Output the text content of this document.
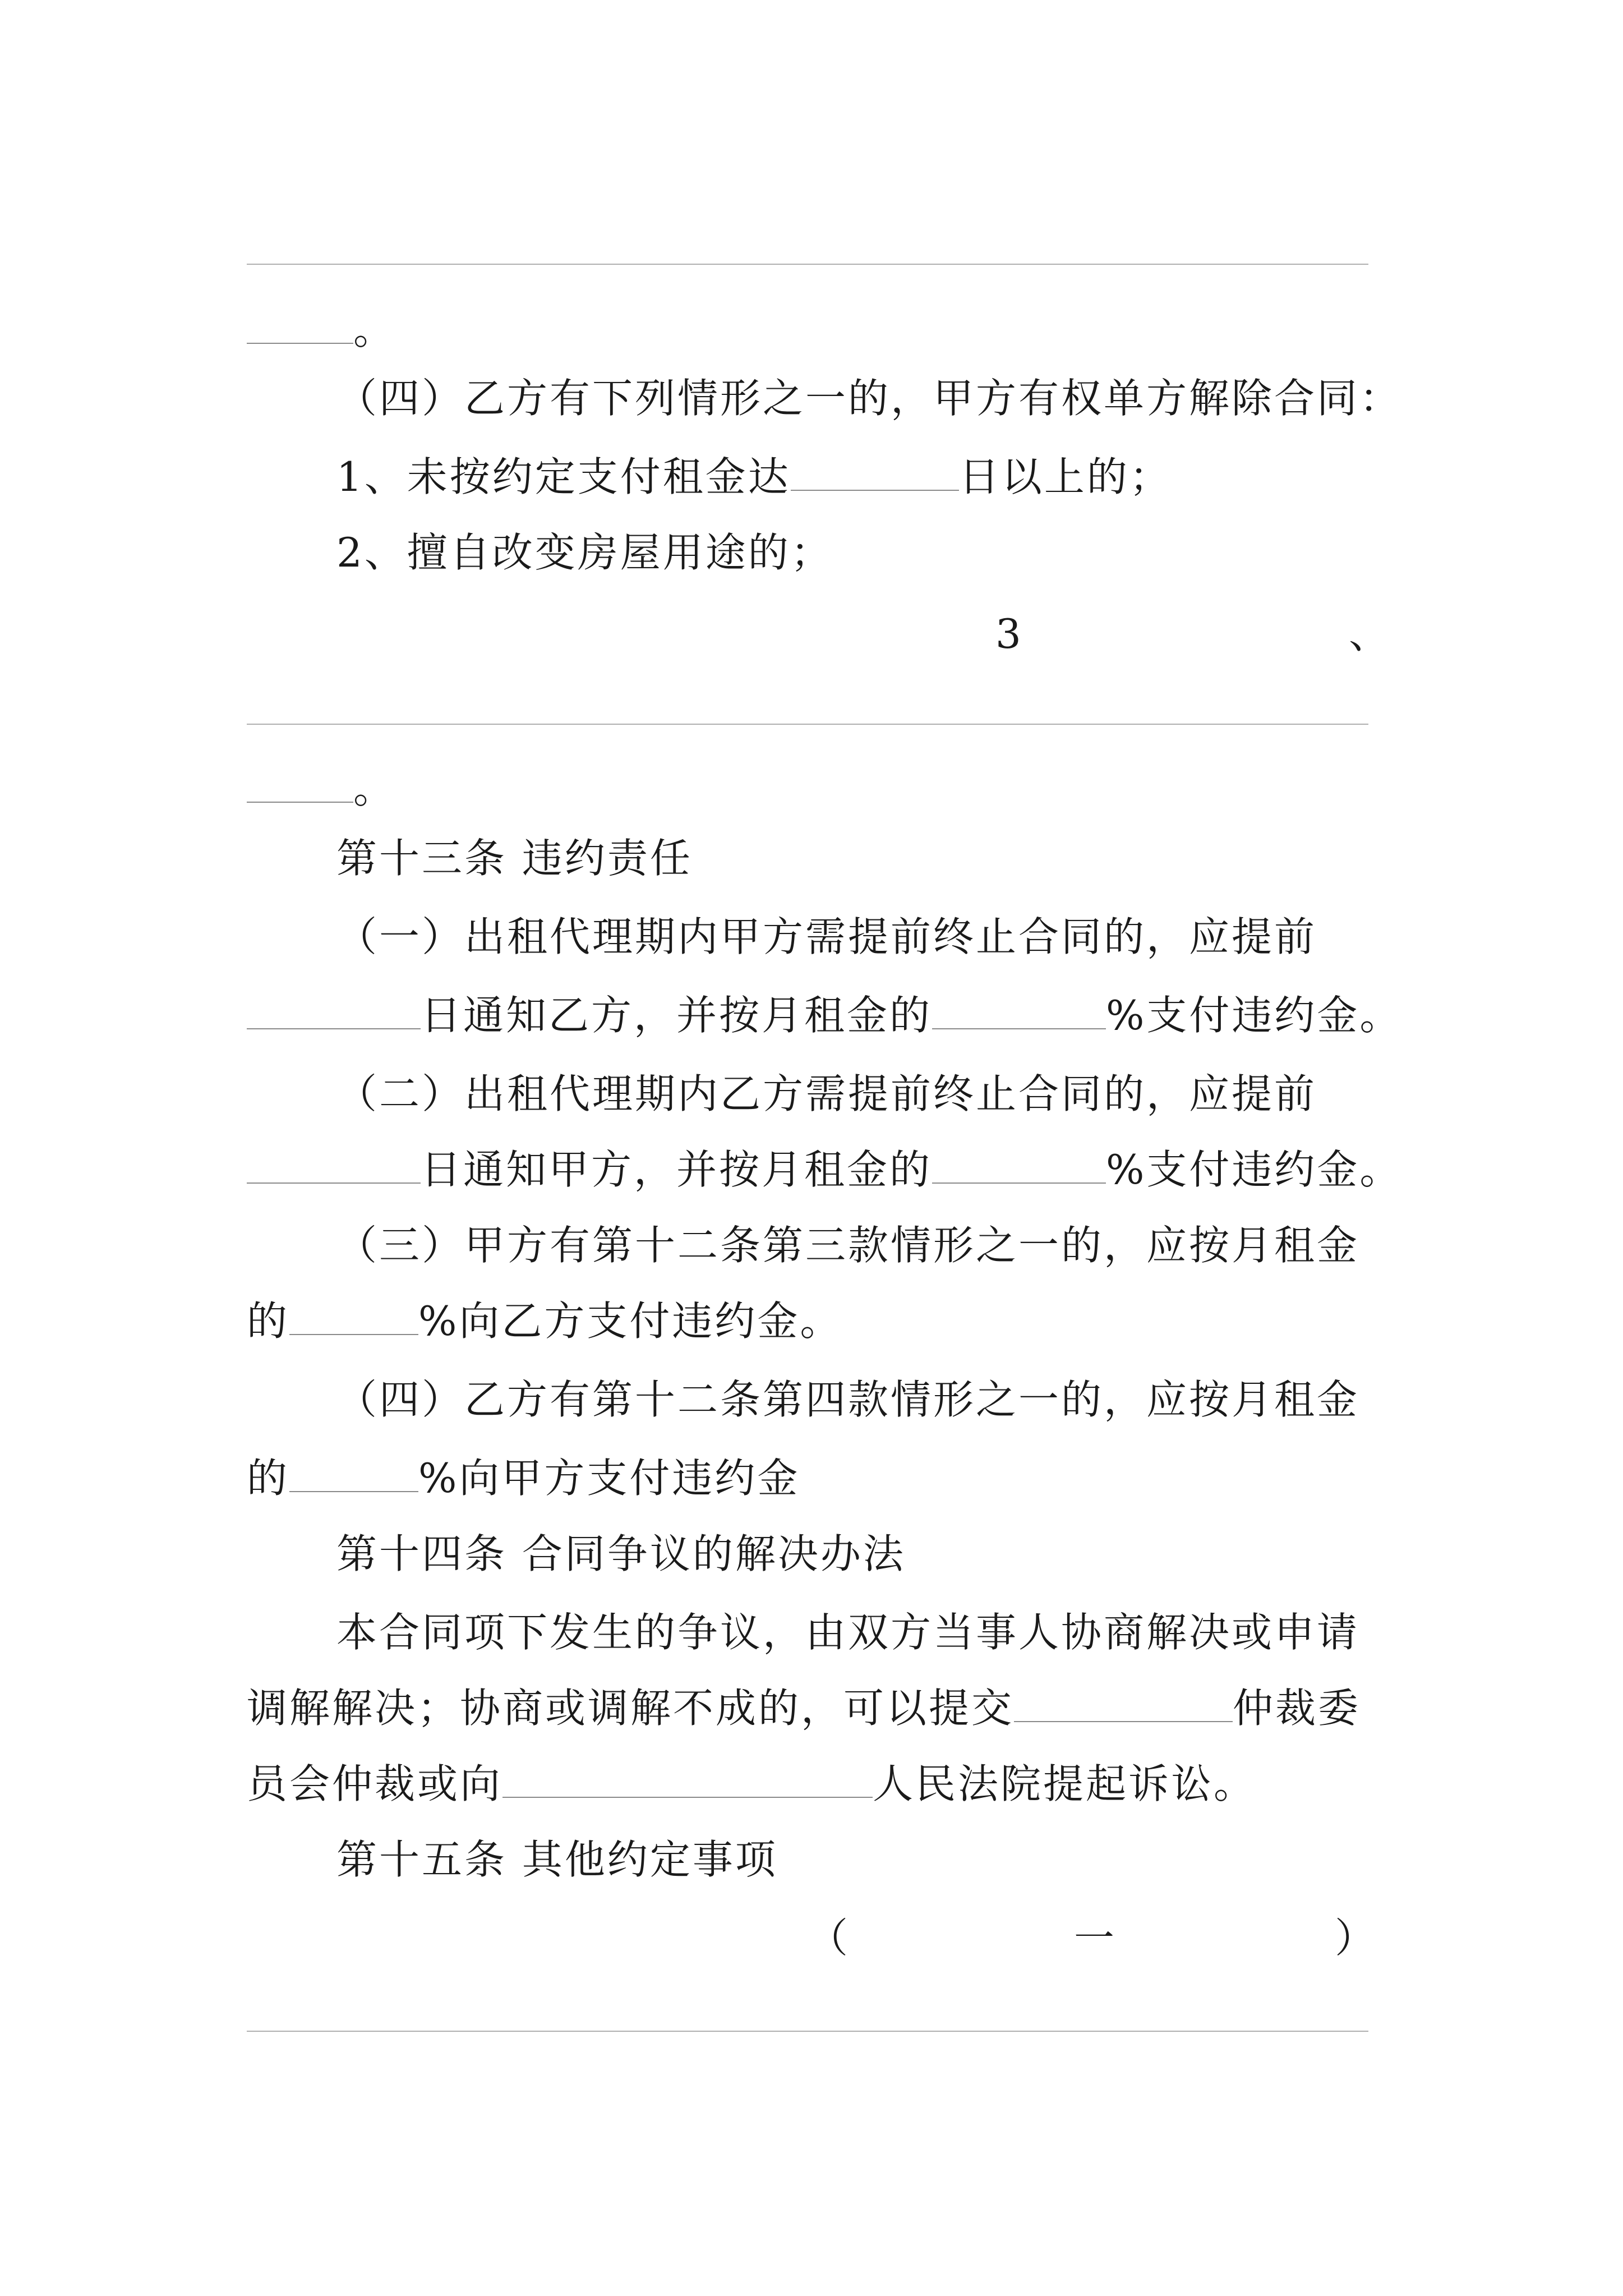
。
（四）乙方有下列情形之一的，甲方有权单方解除合同：
1、未按约定支付租金达	日以上的；
2、擅自改变房屋用途的；
3	、
。
第十三条 违约责任
（一）出租代理期内甲方需提前终止合同的，应提前
日通知乙方，并按月租金的	%支付违约金。
（二）出租代理期内乙方需提前终止合同的，应提前
日通知甲方，并按月租金的	%支付违约金。
（三）甲方有第十二条第三款情形之一的，应按月租金
的	%向乙方支付违约金。
（四）乙方有第十二条第四款情形之一的，应按月租金
的	%向甲方支付违约金
第十四条 合同争议的解决办法
本合同项下发生的争议，由双方当事人协商解决或申请
调解解决；协商或调解不成的，可以提交	仲裁委
员会仲裁或向	人民法院提起诉讼。
第十五条 其他约定事项
（	一	）
